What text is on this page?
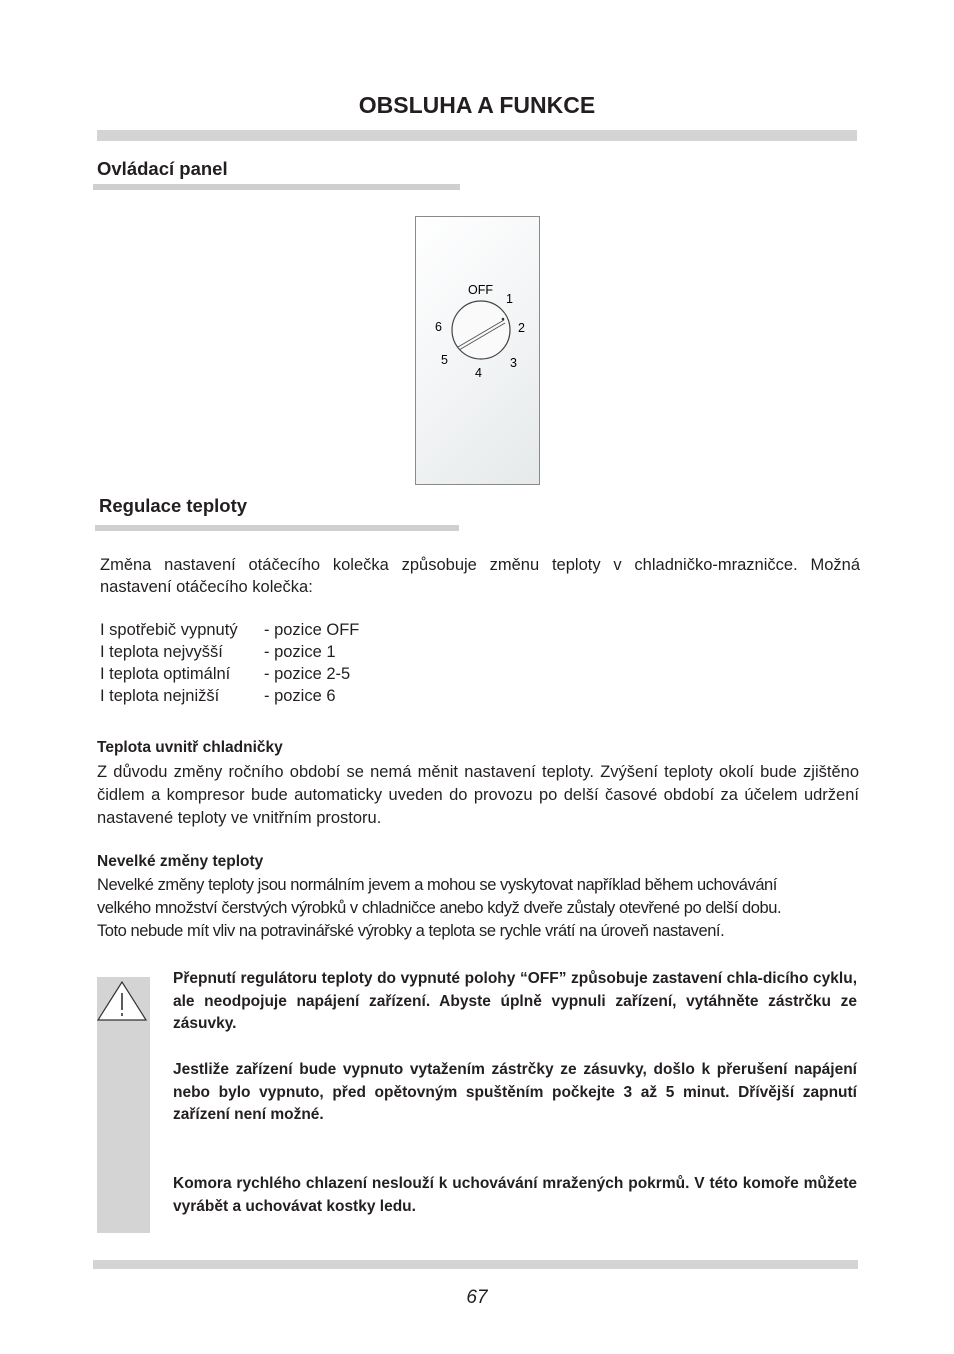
OBSLUHA A FUNKCE
Ovládací panel
OFF
1
2
3
4
5
6
Regulace teploty
Změna nastavení otáčecího kolečka způsobuje změnu teploty v chladničko-mrazničce. Možná nastavení otáčecího kolečka:
I spotřebič vypnutý	- pozice OFF
I teplota nejvyšší	- pozice 1
I teplota optimální	- pozice 2-5
I teplota nejnižší	- pozice 6
Teplota uvnitř chladničky
Z důvodu změny ročního období se nemá měnit nastavení teploty. Zvýšení teploty okolí bude zjištěno čidlem a kompresor bude automaticky uveden do provozu po delší časové období za účelem udržení nastavené teploty ve vnitřním prostoru.
Nevelké změny teploty
Nevelké změny teploty jsou normálním jevem a mohou se vyskytovat například během uchovávání
velkého množství čerstvých výrobků v chladničce anebo když dveře zůstaly otevřené po delší dobu.
Toto nebude mít vliv na potravinářské výrobky a teplota se rychle vrátí na úroveň nastavení.
Přepnutí regulátoru teploty do vypnuté polohy “OFF” způsobuje zastavení chla-dicího cyklu, ale neodpojuje napájení zařízení. Abyste úplně vypnuli zařízení, vytáhněte zástrčku ze zásuvky.
Jestliže zařízení bude vypnuto vytažením zástrčky ze zásuvky, došlo k přerušení napájení nebo bylo vypnuto, před opětovným spuštěním počkejte 3 až 5 minut. Dřívější zapnutí zařízení není možné.
Komora rychlého chlazení neslouží k uchovávání mražených pokrmů. V této komoře můžete vyrábět a uchovávat kostky ledu.
67
